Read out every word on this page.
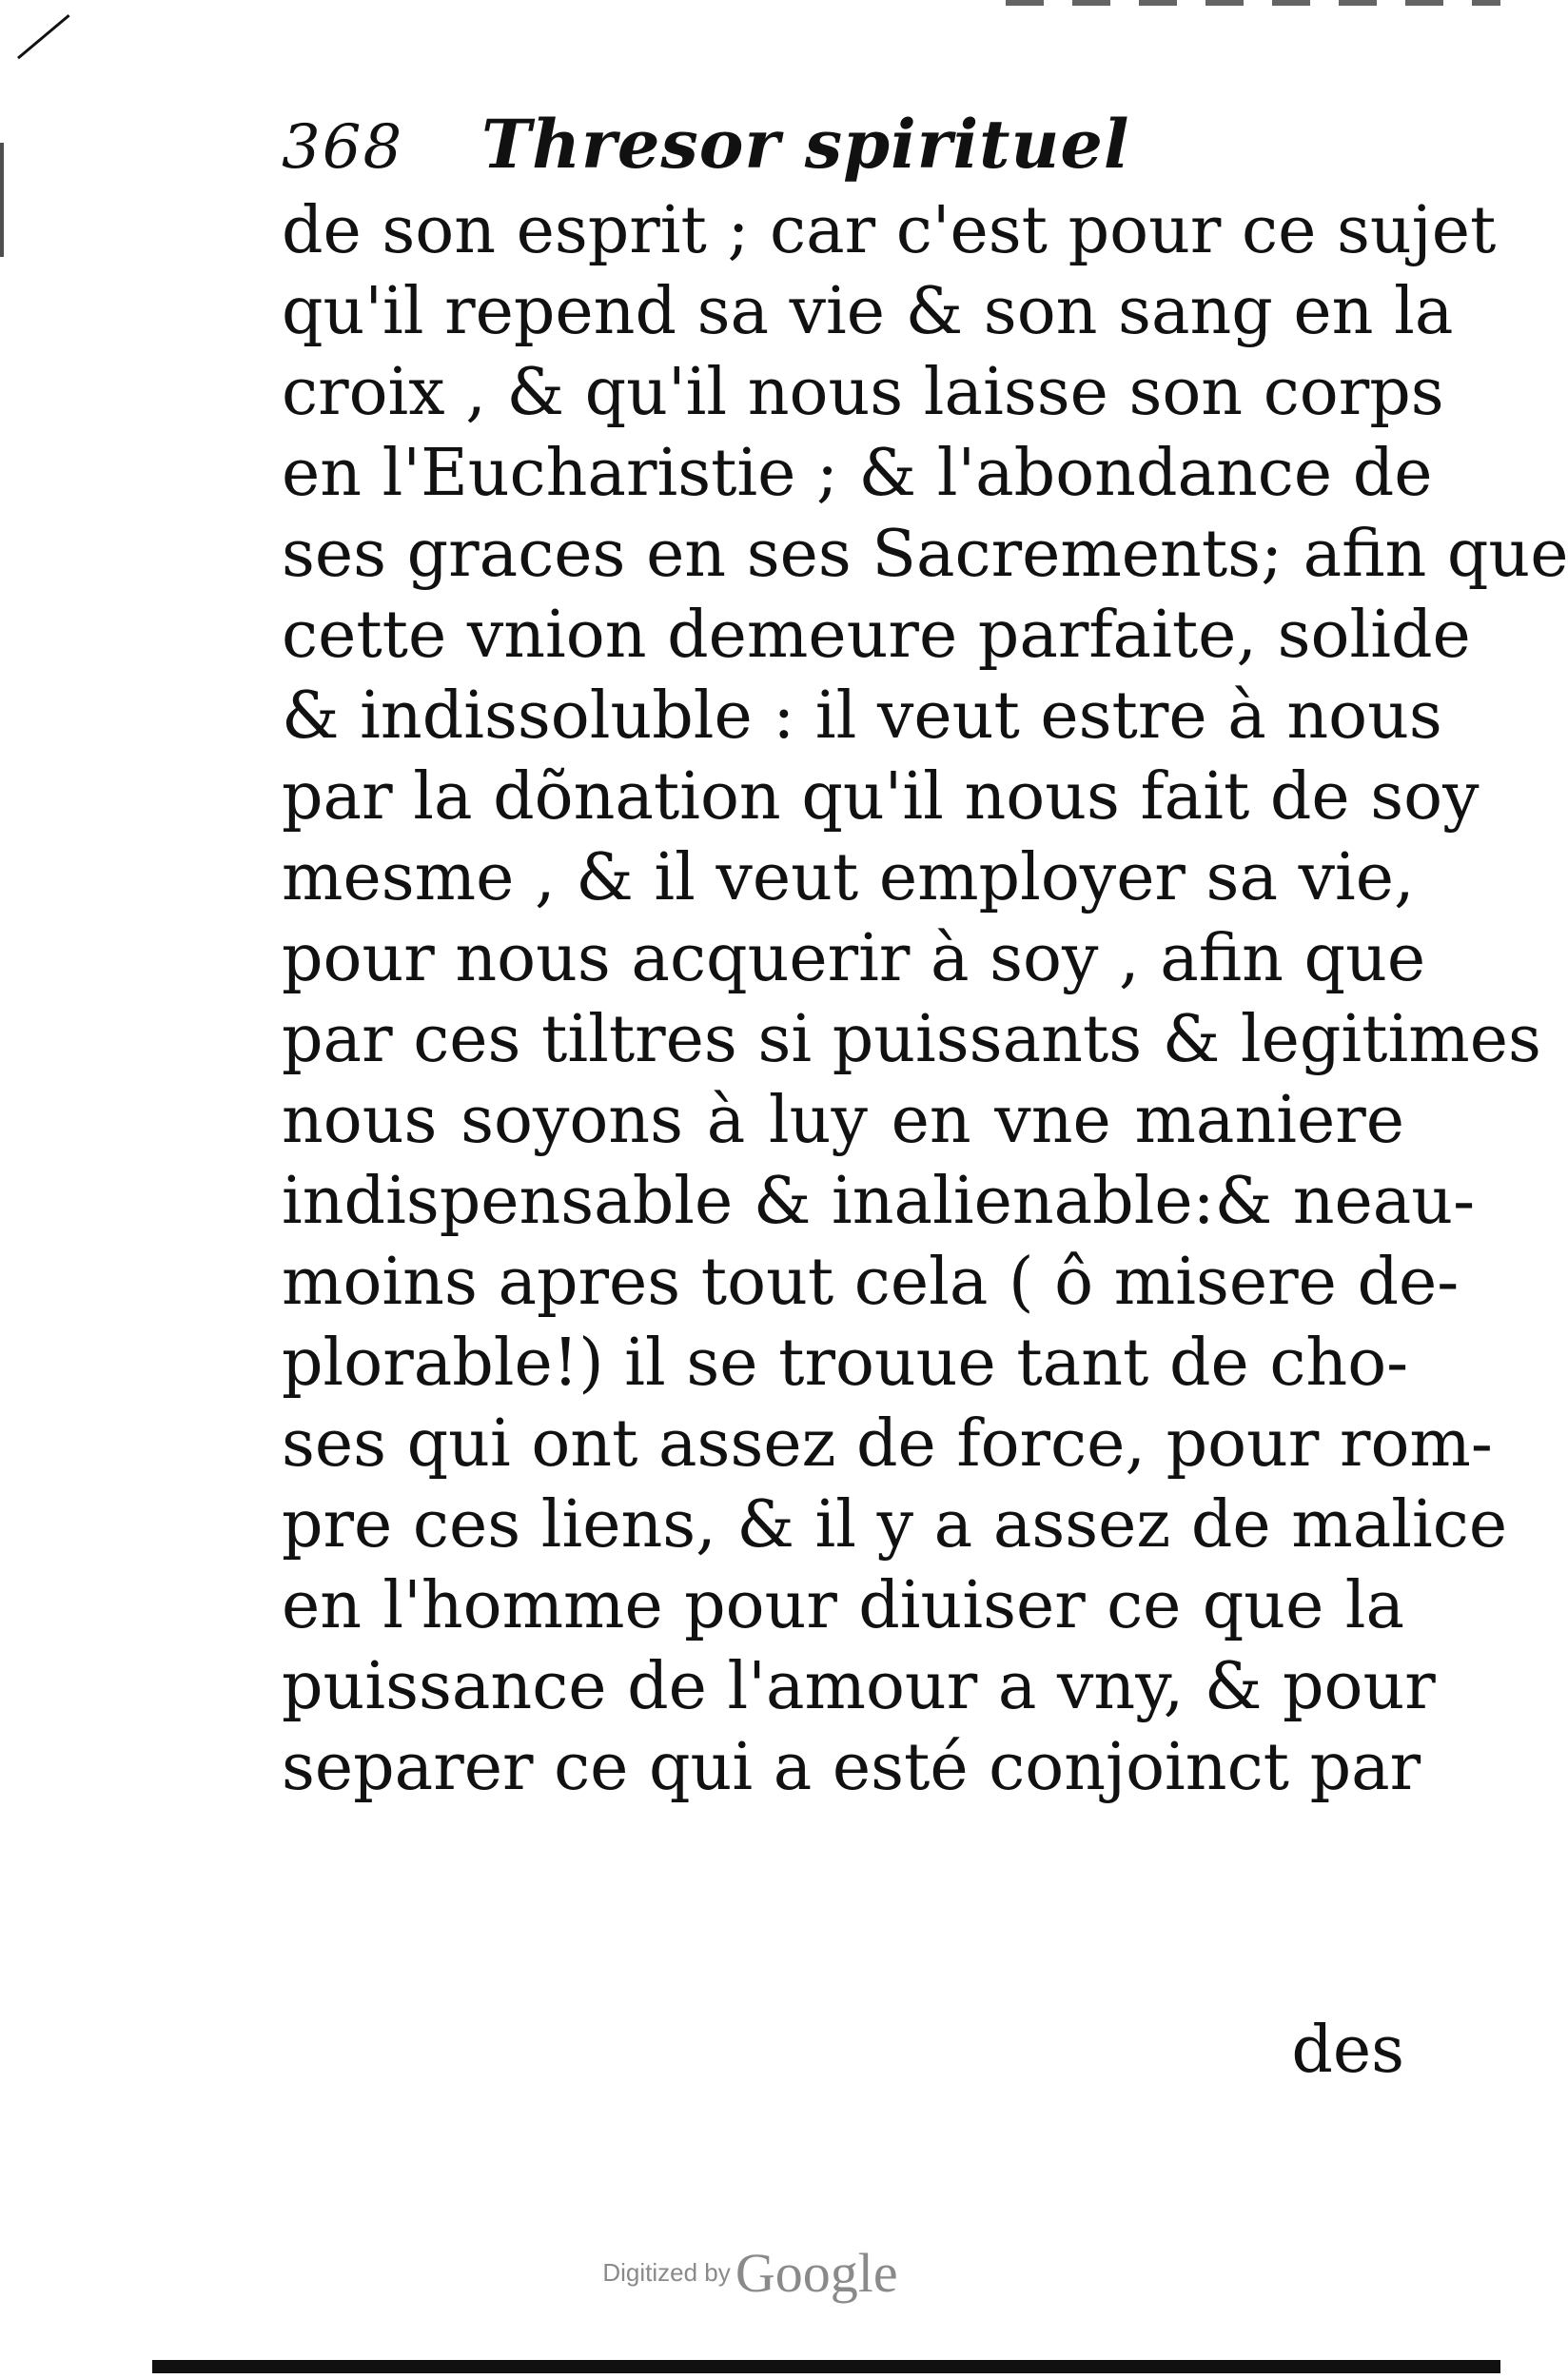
368	Thresor spirituel
de son esprit ; car c'est pour ce sujet
qu'il repend sa vie & son sang en la
croix , & qu'il nous laisse son corps
en l'Eucharistie ; & l'abondance de
ses graces en ses Sacrements; afin que
cette vnion demeure parfaite, solide
& indissoluble : il veut estre à nous
par la dõnation qu'il nous fait de soy
mesme , & il veut employer sa vie,
pour nous acquerir à soy , afin que
par ces tiltres si puissants & legitimes
nous soyons à luy en vne maniere
indispensable & inalienable:& neau-
moins apres tout cela ( ô misere de-
plorable!) il se trouue tant de cho-
ses qui ont assez de force, pour rom-
pre ces liens, & il y a assez de malice
en l'homme pour diuiser ce que la
puissance de l'amour a vny, & pour
separer ce qui a esté conjoinct par
des
Digitized by Google
